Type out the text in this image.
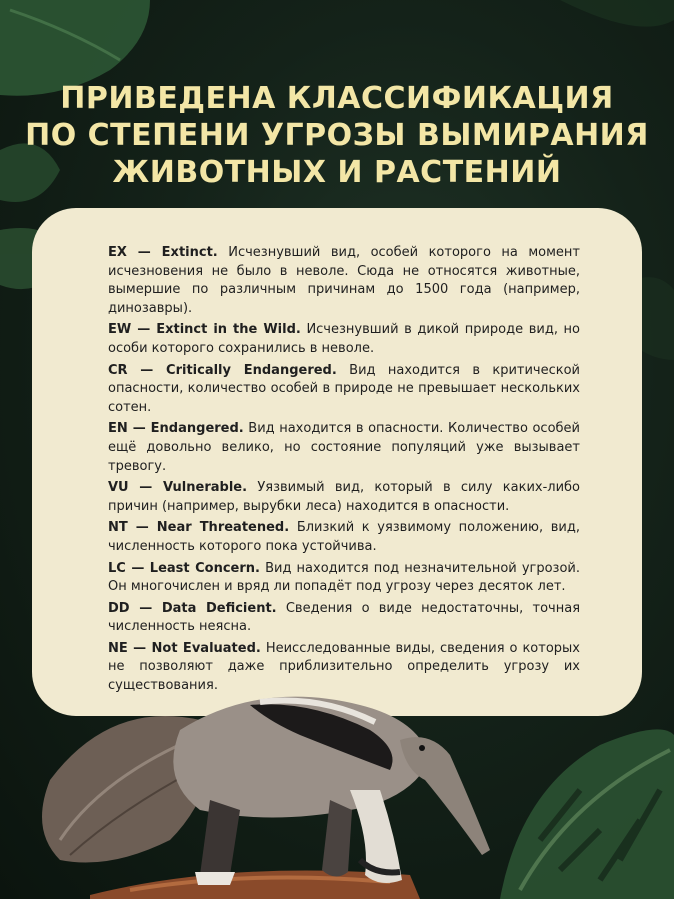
ПРИВЕДЕНА КЛАССИФИКАЦИЯ
ПО СТЕПЕНИ УГРОЗЫ ВЫМИРАНИЯ
ЖИВОТНЫХ И РАСТЕНИЙ
EX — Extinct. Исчезнувший вид, особей которого на момент исчезновения не было в неволе. Сюда не относятся животные, вымершие по различным причинам до 1500 года (например, динозавры).
EW — Extinct in the Wild. Исчезнувший в дикой природе вид, но особи которого сохранились в неволе.
CR — Critically Endangered. Вид находится в критической опасности, количество особей в природе не превышает нескольких сотен.
EN — Endangered. Вид находится в опасности. Количество особей ещё довольно велико, но состояние популяций уже вызывает тревогу.
VU — Vulnerable. Уязвимый вид, который в силу каких-либо причин (например, вырубки леса) находится в опасности.
NT — Near Threatened. Близкий к уязвимому положению, вид, численность которого пока устойчива.
LC — Least Concern. Вид находится под незначительной угрозой. Он многочислен и вряд ли попадёт под угрозу через десяток лет.
DD — Data Deficient. Сведения о виде недостаточны, точная численность неясна.
NE — Not Evaluated. Неисследованные виды, сведения о которых не позволяют даже приблизительно определить угрозу их существования.
